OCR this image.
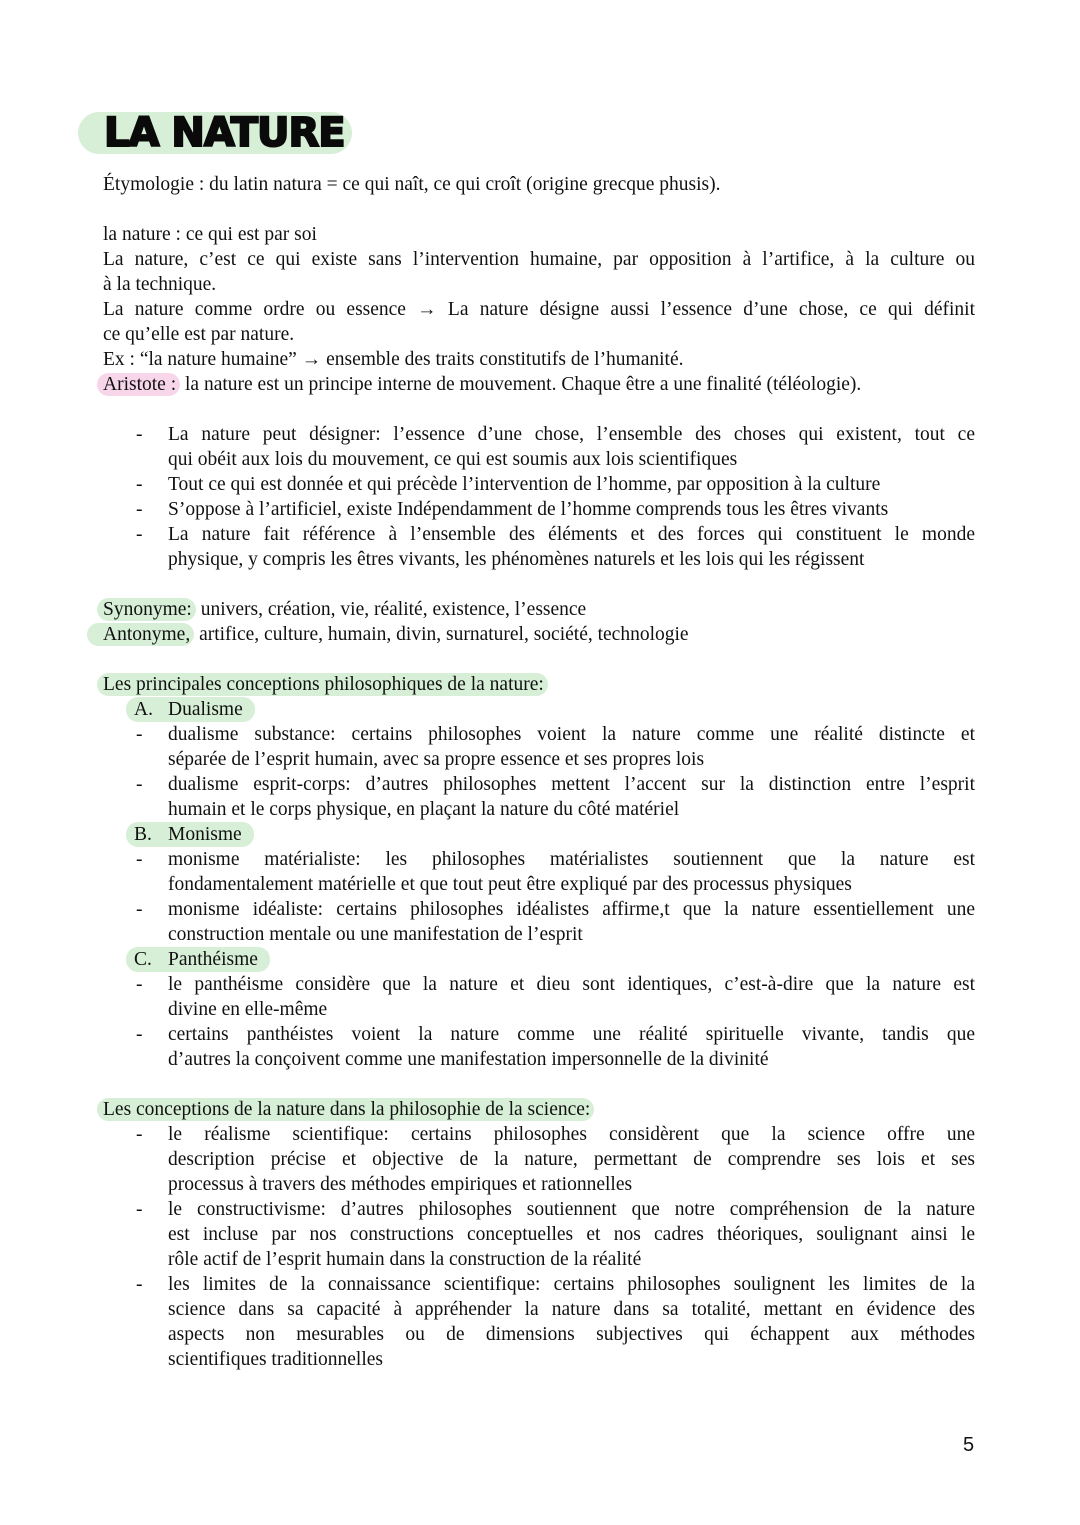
LA NATURE
Étymologie : du latin natura = ce qui naît, ce qui croît (origine grecque phusis).
la nature : ce qui est par soi
La nature, c’est ce qui existe sans l’intervention humaine, par opposition à l’artifice, à la culture ou
à la technique.
La nature comme ordre ou essence → La nature désigne aussi l’essence d’une chose, ce qui définit
ce qu’elle est par nature.
Ex : “la nature humaine” → ensemble des traits constitutifs de l’humanité.
Aristote : la nature est un principe interne de mouvement. Chaque être a une finalité (téléologie).
- La nature peut désigner: l’essence d’une chose, l’ensemble des choses qui existent, tout ce
qui obéit aux lois du mouvement, ce qui est soumis aux lois scientifiques
- Tout ce qui est donnée et qui précède l’intervention de l’homme, par opposition à la culture
- S’oppose à l’artificiel, existe Indépendamment de l’homme comprends tous les êtres vivants
- La nature fait référence à l’ensemble des éléments et des forces qui constituent le monde
physique, y compris les êtres vivants, les phénomènes naturels et les lois qui les régissent
Synonyme: univers, création, vie, réalité, existence, l’essence
Antonyme, artifice, culture, humain, divin, surnaturel, société, technologie
Les principales conceptions philosophiques de la nature:
A. Dualisme
- dualisme substance: certains philosophes voient la nature comme une réalité distincte et
séparée de l’esprit humain, avec sa propre essence et ses propres lois
- dualisme esprit-corps: d’autres philosophes mettent l’accent sur la distinction entre l’esprit
humain et le corps physique, en plaçant la nature du côté matériel
B. Monisme
- monisme matérialiste: les philosophes matérialistes soutiennent que la nature est
fondamentalement matérielle et que tout peut être expliqué par des processus physiques
- monisme idéaliste: certains philosophes idéalistes affirme,t que la nature essentiellement une
construction mentale ou une manifestation de l’esprit
C. Panthéisme
- le panthéisme considère que la nature et dieu sont identiques, c’est-à-dire que la nature est
divine en elle-même
- certains panthéistes voient la nature comme une réalité spirituelle vivante, tandis que
d’autres la conçoivent comme une manifestation impersonnelle de la divinité
Les conceptions de la nature dans la philosophie de la science:
- le réalisme scientifique: certains philosophes considèrent que la science offre une
description précise et objective de la nature, permettant de comprendre ses lois et ses
processus à travers des méthodes empiriques et rationnelles
- le constructivisme: d’autres philosophes soutiennent que notre compréhension de la nature
est incluse par nos constructions conceptuelles et nos cadres théoriques, soulignant ainsi le
rôle actif de l’esprit humain dans la construction de la réalité
- les limites de la connaissance scientifique: certains philosophes soulignent les limites de la
science dans sa capacité à appréhender la nature dans sa totalité, mettant en évidence des
aspects non mesurables ou de dimensions subjectives qui échappent aux méthodes
scientifiques traditionnelles
5
